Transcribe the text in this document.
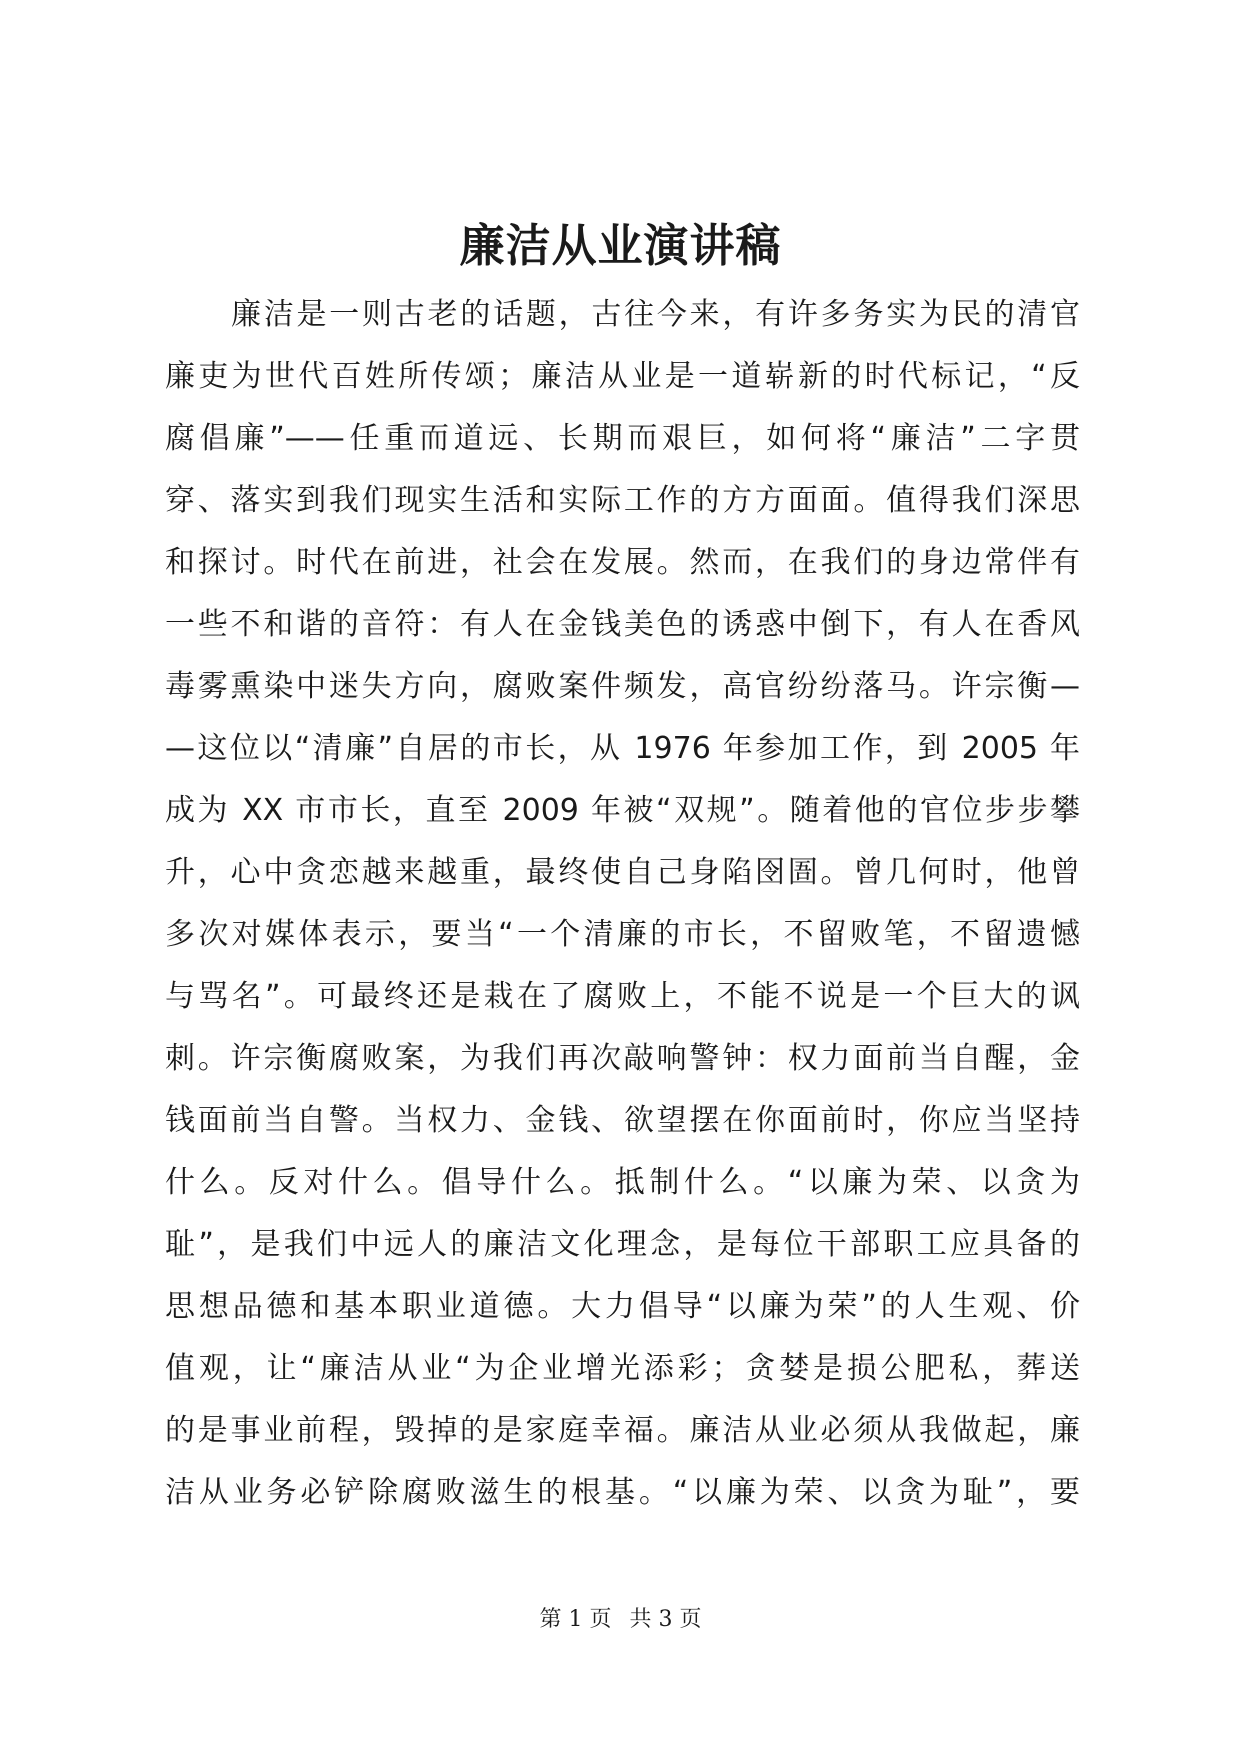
廉洁从业演讲稿
廉洁是一则古老的话题，古往今来，有许多务实为民的清官
廉吏为世代百姓所传颂；廉洁从业是一道崭新的时代标记，“反
腐倡廉”——任重而道远、长期而艰巨，如何将“廉洁”二字贯
穿、落实到我们现实生活和实际工作的方方面面。值得我们深思
和探讨。时代在前进，社会在发展。然而，在我们的身边常伴有
一些不和谐的音符：有人在金钱美色的诱惑中倒下，有人在香风
毒雾熏染中迷失方向，腐败案件频发，高官纷纷落马。许宗衡—
—这位以“清廉”自居的市长，从 1976 年参加工作，到 2005 年
成为 XX 市市长，直至 2009 年被“双规”。随着他的官位步步攀
升，心中贪恋越来越重，最终使自己身陷囹圄。曾几何时，他曾
多次对媒体表示，要当“一个清廉的市长，不留败笔，不留遗憾
与骂名”。可最终还是栽在了腐败上，不能不说是一个巨大的讽
刺。许宗衡腐败案，为我们再次敲响警钟：权力面前当自醒，金
钱面前当自警。当权力、金钱、欲望摆在你面前时，你应当坚持
什么。反对什么。倡导什么。抵制什么。“以廉为荣、以贪为
耻”，是我们中远人的廉洁文化理念，是每位干部职工应具备的
思想品德和基本职业道德。大力倡导“以廉为荣”的人生观、价
值观，让“廉洁从业“为企业增光添彩；贪婪是损公肥私，葬送
的是事业前程，毁掉的是家庭幸福。廉洁从业必须从我做起，廉
洁从业务必铲除腐败滋生的根基。“以廉为荣、以贪为耻”，要
第 1 页 共 3 页
